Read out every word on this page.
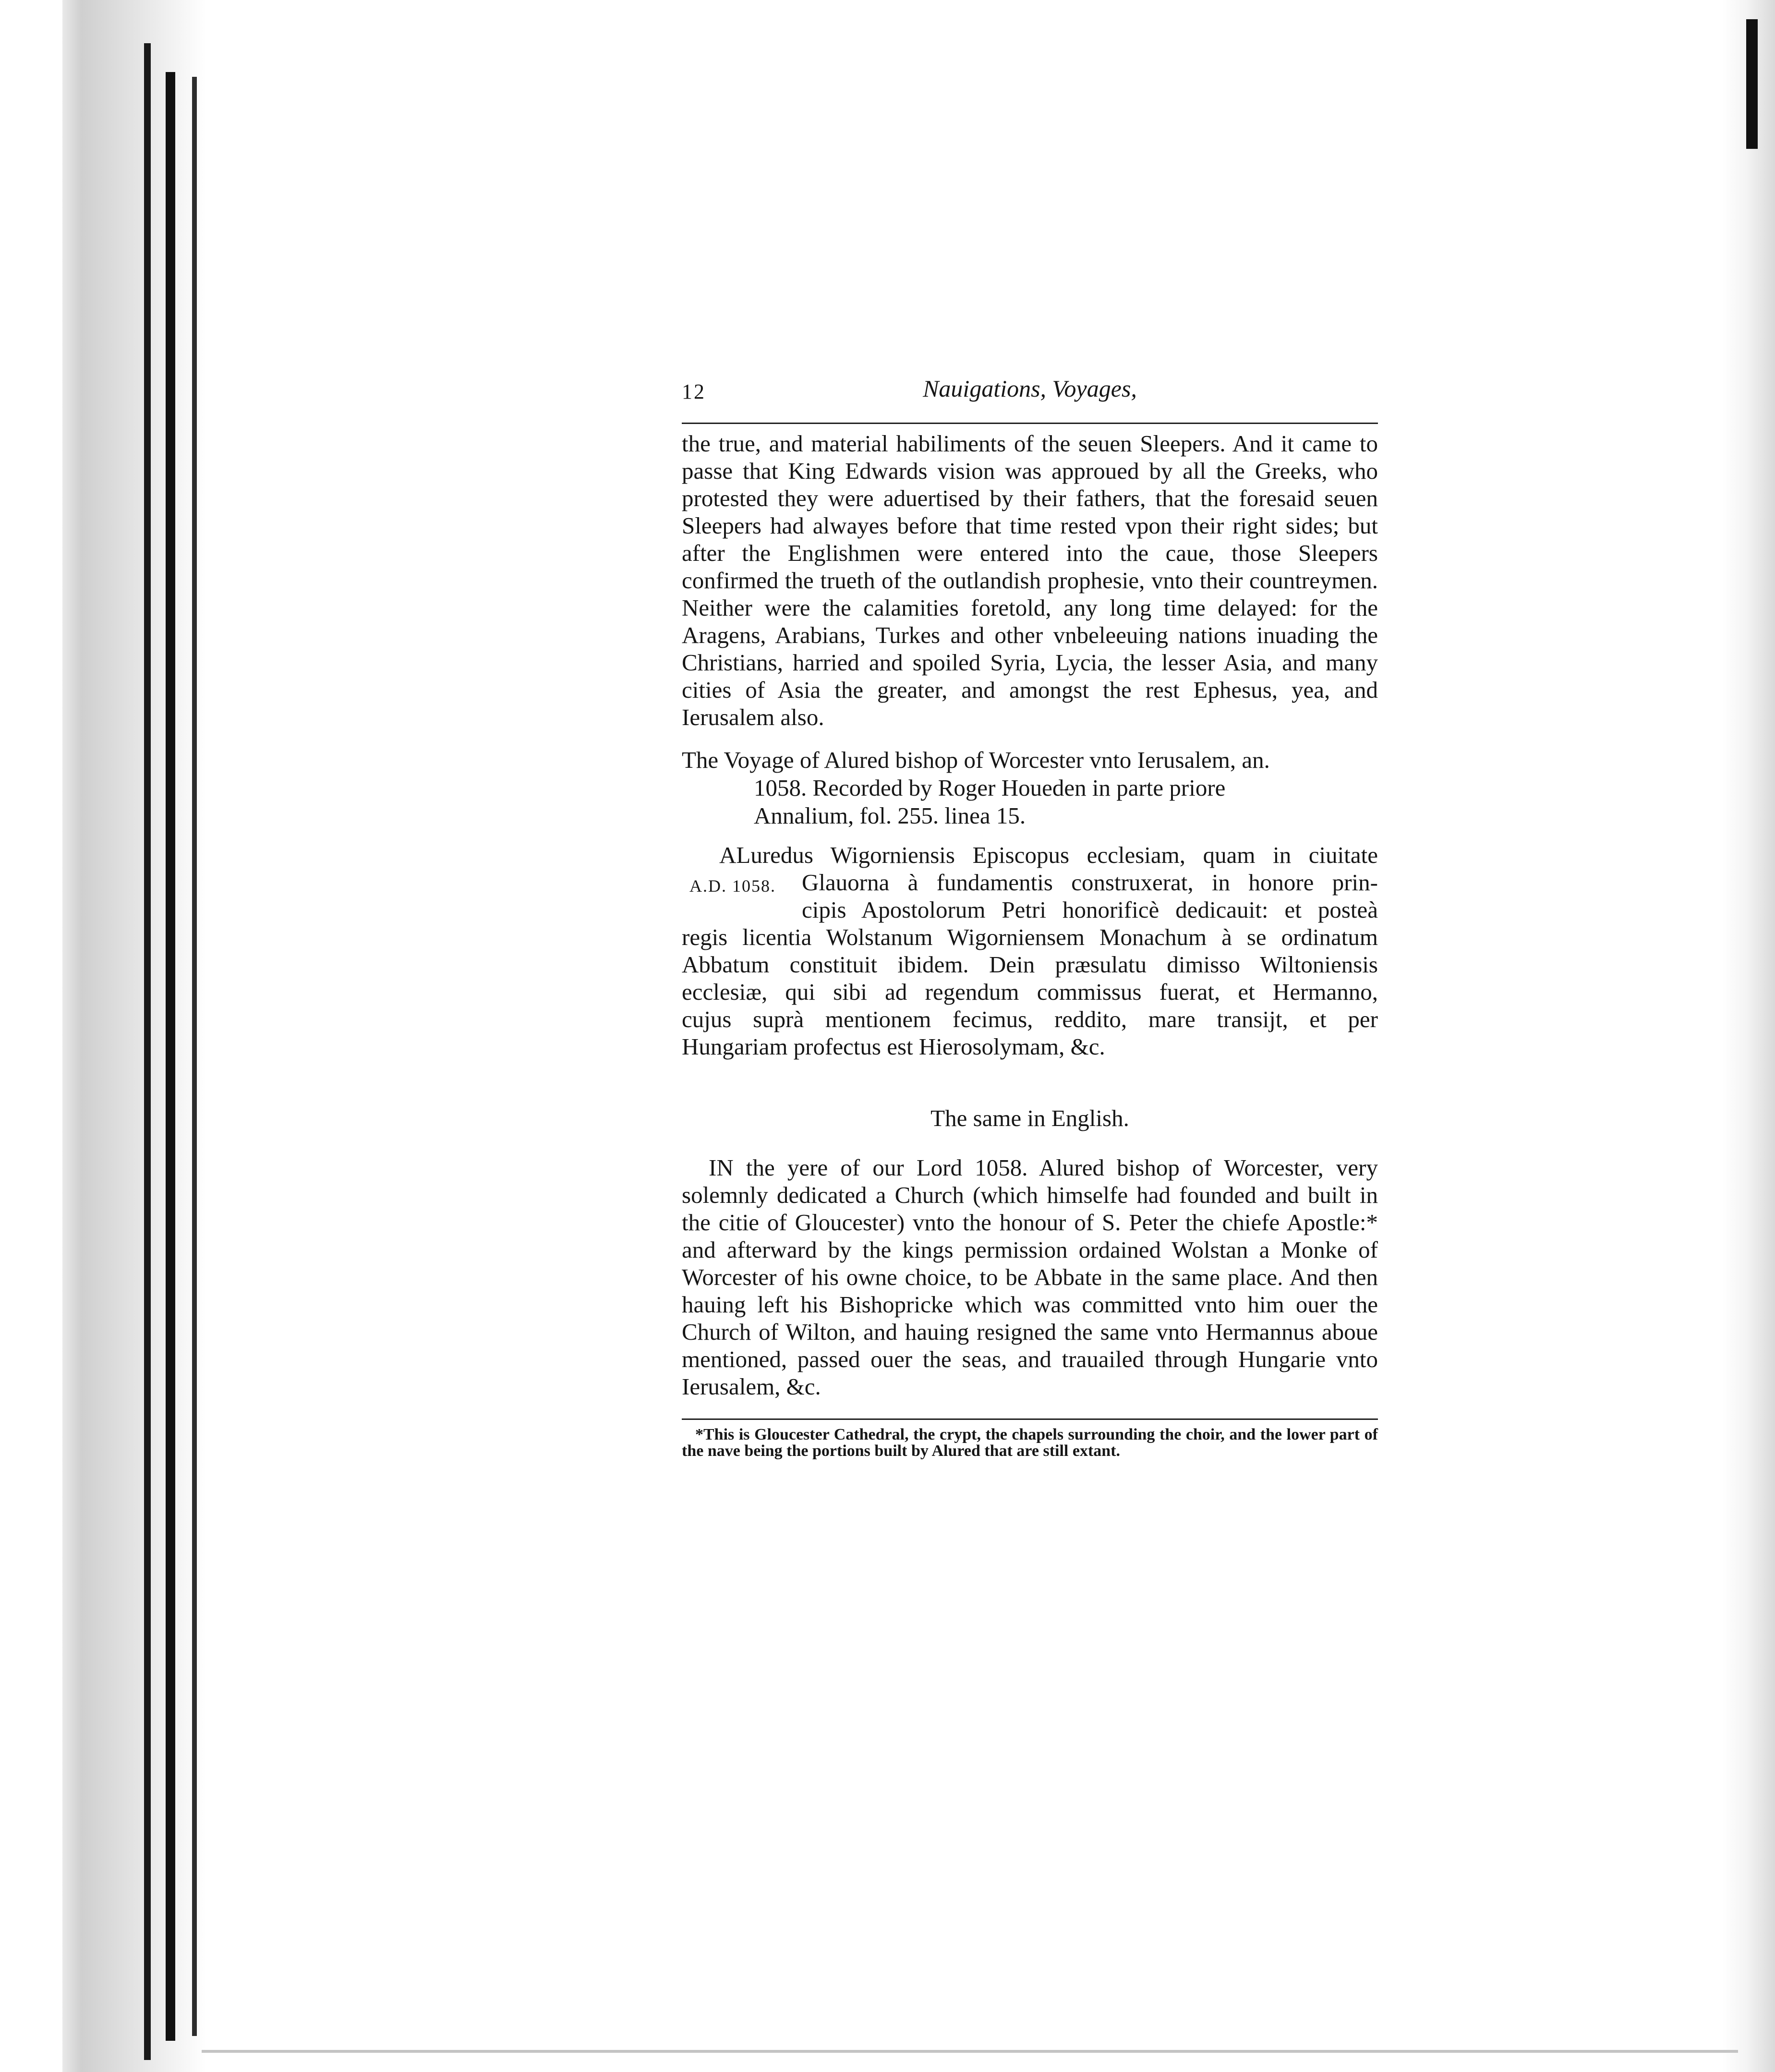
12	Nauigations, Voyages,

the true, and material habiliments of the seuen Sleepers. And it came to passe that King Edwards vision was approued by all the Greeks, who protested they were aduertised by their fathers, that the foresaid seuen Sleepers had alwayes before that time rested vpon their right sides; but after the Englishmen were entered into the caue, those Sleepers confirmed the trueth of the outlandish prophesie, vnto their countreymen. Neither were the calamities foretold, any long time delayed: for the Aragens, Arabians, Turkes and other vnbeleeuing nations inuading the Christians, harried and spoiled Syria, Lycia, the lesser Asia, and many cities of Asia the greater, and amongst the rest Ephesus, yea, and Ierusalem also.

The Voyage of Alured bishop of Worcester vnto Ierusalem, an.
1058. Recorded by Roger Houeden in parte priore
Annalium, fol. 255. linea 15.
A.D. 1058.
ALuredus Wigorniensis Episcopus ecclesiam, quam in ciuitate
Glauorna à fundamentis construxerat, in honore prin-
cipis Apostolorum Petri honorificè dedicauit: et posteà
regis licentia Wolstanum Wigorniensem Monachum à se ordinatum
Abbatum constituit ibidem. Dein præsulatu dimisso Wiltoniensis
ecclesiæ, qui sibi ad regendum commissus fuerat, et Hermanno,
cujus suprà mentionem fecimus, reddito, mare transijt, et per
Hungariam profectus est Hierosolymam, &c.
The same in English.

IN the yere of our Lord 1058. Alured bishop of Worcester, very solemnly dedicated a Church (which himselfe had founded and built in the citie of Gloucester) vnto the honour of S. Peter the chiefe Apostle:* and afterward by the kings permission ordained Wolstan a Monke of Worcester of his owne choice, to be Abbate in the same place. And then hauing left his Bishopricke which was committed vnto him ouer the Church of Wilton, and hauing resigned the same vnto Hermannus aboue mentioned, passed ouer the seas, and trauailed through Hungarie vnto Ierusalem, &c.

*This is Gloucester Cathedral, the crypt, the chapels surrounding the choir, and the lower part of the nave being the portions built by Alured that are still extant.
